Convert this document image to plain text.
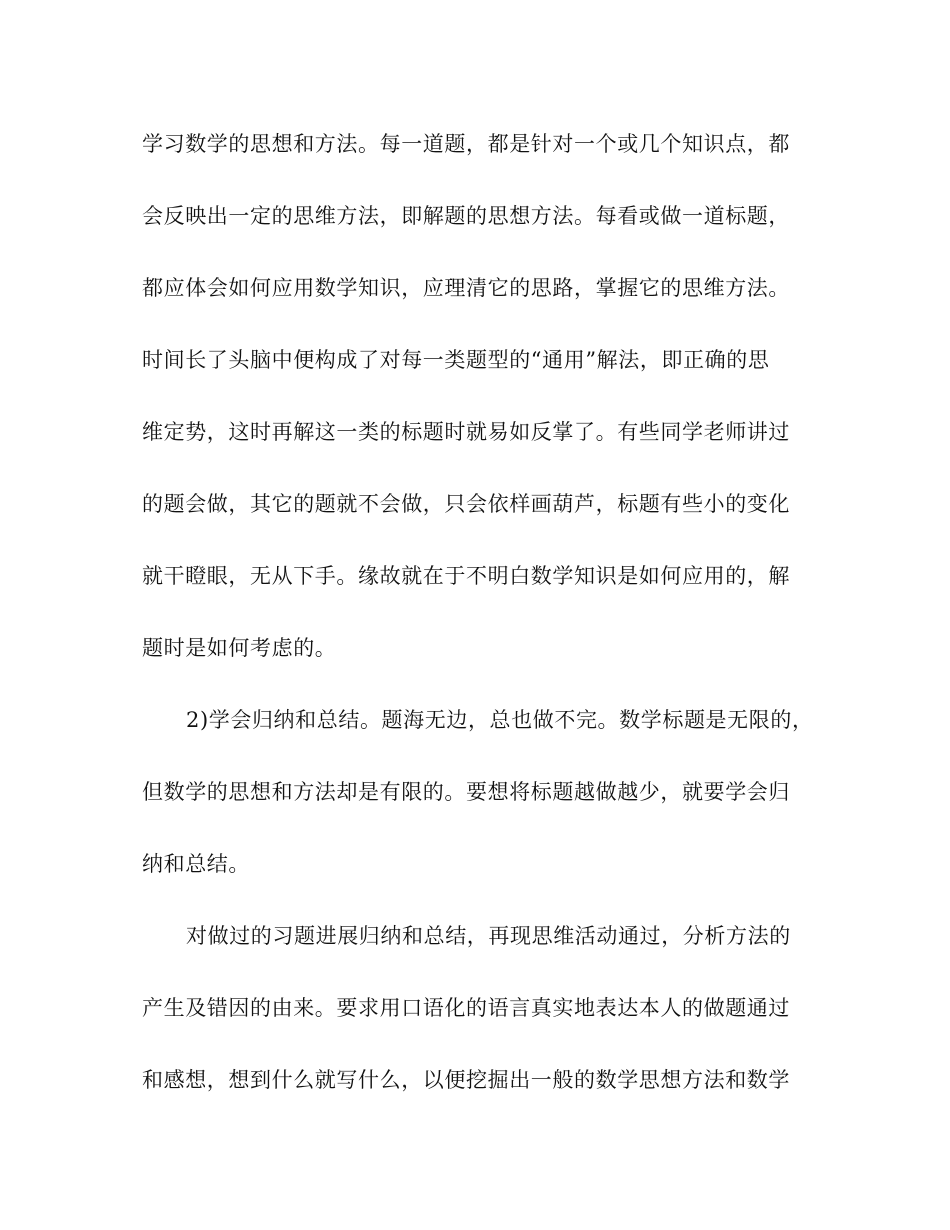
学习数学的思想和方法。每一道题，都是针对一个或几个知识点，都
会反映出一定的思维方法，即解题的思想方法。每看或做一道标题，
都应体会如何应用数学知识，应理清它的思路，掌握它的思维方法。
时间长了头脑中便构成了对每一类题型的“通用”解法，即正确的思
维定势，这时再解这一类的标题时就易如反掌了。有些同学老师讲过
的题会做，其它的题就不会做，只会依样画葫芦，标题有些小的变化
就干瞪眼，无从下手。缘故就在于不明白数学知识是如何应用的，解
题时是如何考虑的。
2)学会归纳和总结。题海无边，总也做不完。数学标题是无限的，
但数学的思想和方法却是有限的。要想将标题越做越少，就要学会归
纳和总结。
对做过的习题进展归纳和总结，再现思维活动通过，分析方法的
产生及错因的由来。要求用口语化的语言真实地表达本人的做题通过
和感想，想到什么就写什么，以便挖掘出一般的数学思想方法和数学
